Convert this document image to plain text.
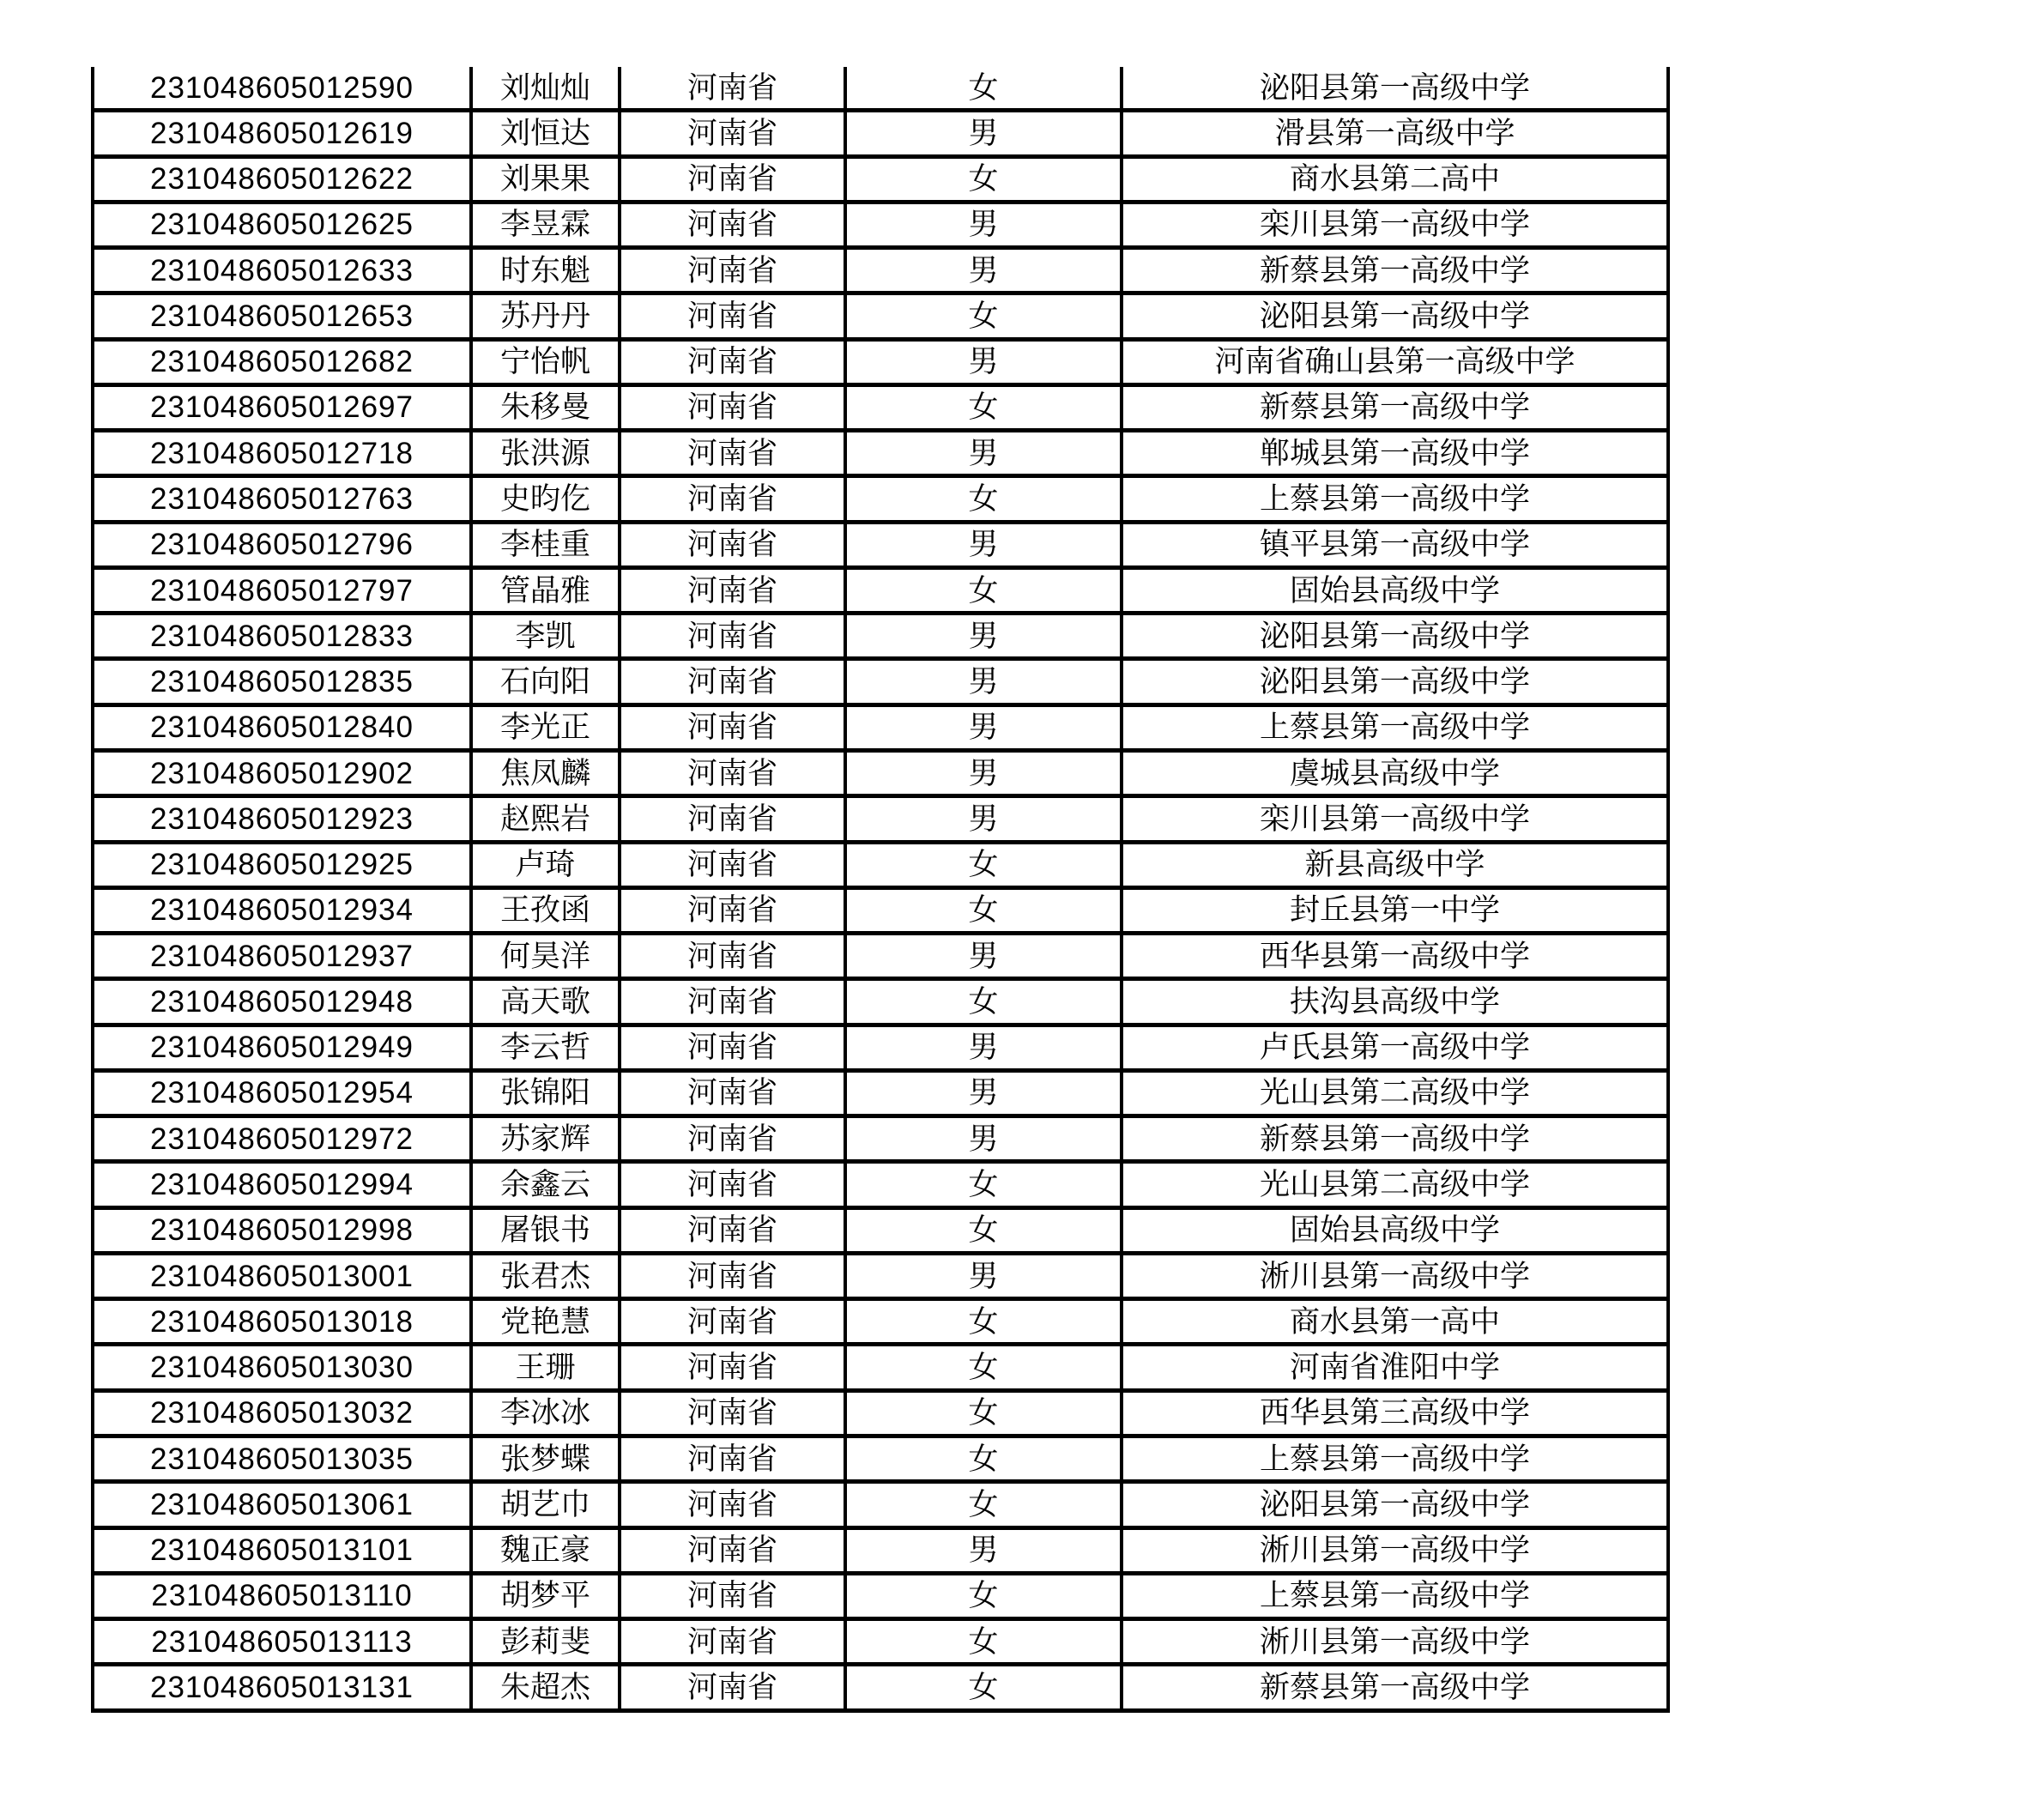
231048605012590	刘灿灿	河南省	女	泌阳县第一高级中学
231048605012619	刘恒达	河南省	男	滑县第一高级中学
231048605012622	刘果果	河南省	女	商水县第二高中
231048605012625	李昱霖	河南省	男	栾川县第一高级中学
231048605012633	时东魁	河南省	男	新蔡县第一高级中学
231048605012653	苏丹丹	河南省	女	泌阳县第一高级中学
231048605012682	宁怡帆	河南省	男	河南省确山县第一高级中学
231048605012697	朱移曼	河南省	女	新蔡县第一高级中学
231048605012718	张洪源	河南省	男	郸城县第一高级中学
231048605012763	史昀仡	河南省	女	上蔡县第一高级中学
231048605012796	李桂重	河南省	男	镇平县第一高级中学
231048605012797	管晶雅	河南省	女	固始县高级中学
231048605012833	李凯	河南省	男	泌阳县第一高级中学
231048605012835	石向阳	河南省	男	泌阳县第一高级中学
231048605012840	李光正	河南省	男	上蔡县第一高级中学
231048605012902	焦凤麟	河南省	男	虞城县高级中学
231048605012923	赵熙岩	河南省	男	栾川县第一高级中学
231048605012925	卢琦	河南省	女	新县高级中学
231048605012934	王孜函	河南省	女	封丘县第一中学
231048605012937	何昊洋	河南省	男	西华县第一高级中学
231048605012948	高天歌	河南省	女	扶沟县高级中学
231048605012949	李云哲	河南省	男	卢氏县第一高级中学
231048605012954	张锦阳	河南省	男	光山县第二高级中学
231048605012972	苏家辉	河南省	男	新蔡县第一高级中学
231048605012994	余鑫云	河南省	女	光山县第二高级中学
231048605012998	屠银书	河南省	女	固始县高级中学
231048605013001	张君杰	河南省	男	淅川县第一高级中学
231048605013018	党艳慧	河南省	女	商水县第一高中
231048605013030	王珊	河南省	女	河南省淮阳中学
231048605013032	李冰冰	河南省	女	西华县第三高级中学
231048605013035	张梦蝶	河南省	女	上蔡县第一高级中学
231048605013061	胡艺巾	河南省	女	泌阳县第一高级中学
231048605013101	魏正豪	河南省	男	淅川县第一高级中学
231048605013110	胡梦平	河南省	女	上蔡县第一高级中学
231048605013113	彭莉斐	河南省	女	淅川县第一高级中学
231048605013131	朱超杰	河南省	女	新蔡县第一高级中学
